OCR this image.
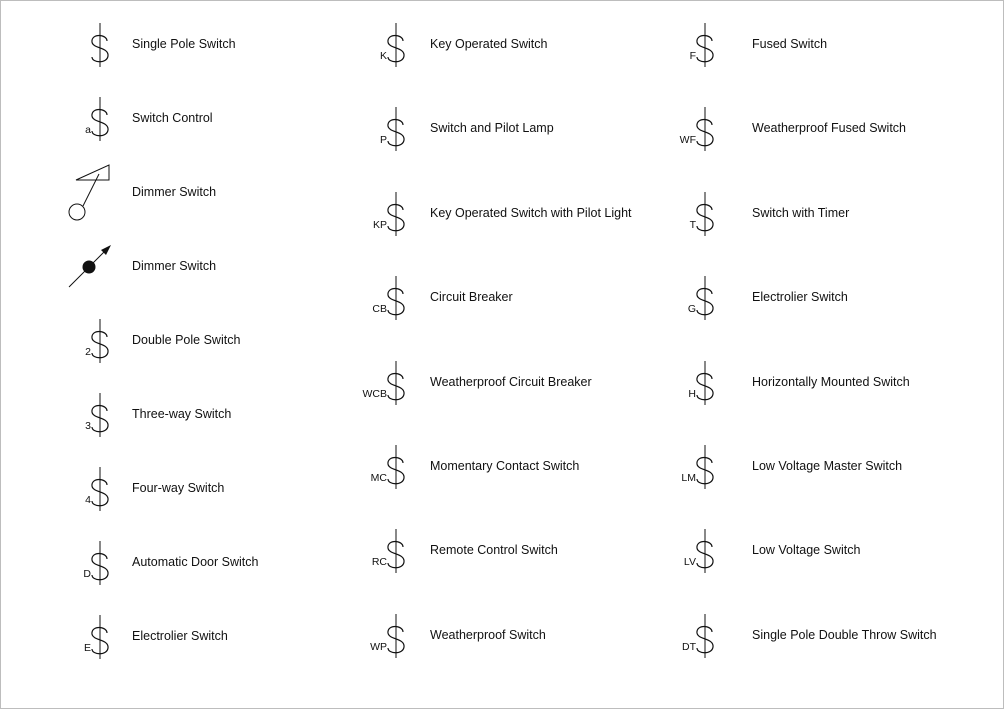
Single Pole Switch
a
Switch Control
Dimmer Switch
Dimmer Switch
2
Double Pole Switch
3
Three-way Switch
4
Four-way Switch
D
Automatic Door Switch
E
Electrolier Switch
K
Key Operated Switch
P
Switch and Pilot Lamp
KP
Key Operated Switch with Pilot Light
CB
Circuit Breaker
WCB
Weatherproof Circuit Breaker
MC
Momentary Contact Switch
RC
Remote Control Switch
WP
Weatherproof Switch
F
Fused Switch
WF
Weatherproof Fused Switch
T
Switch with Timer
G
Electrolier Switch
H
Horizontally Mounted Switch
LM
Low Voltage Master Switch
LV
Low Voltage Switch
DT
Single Pole Double Throw Switch
